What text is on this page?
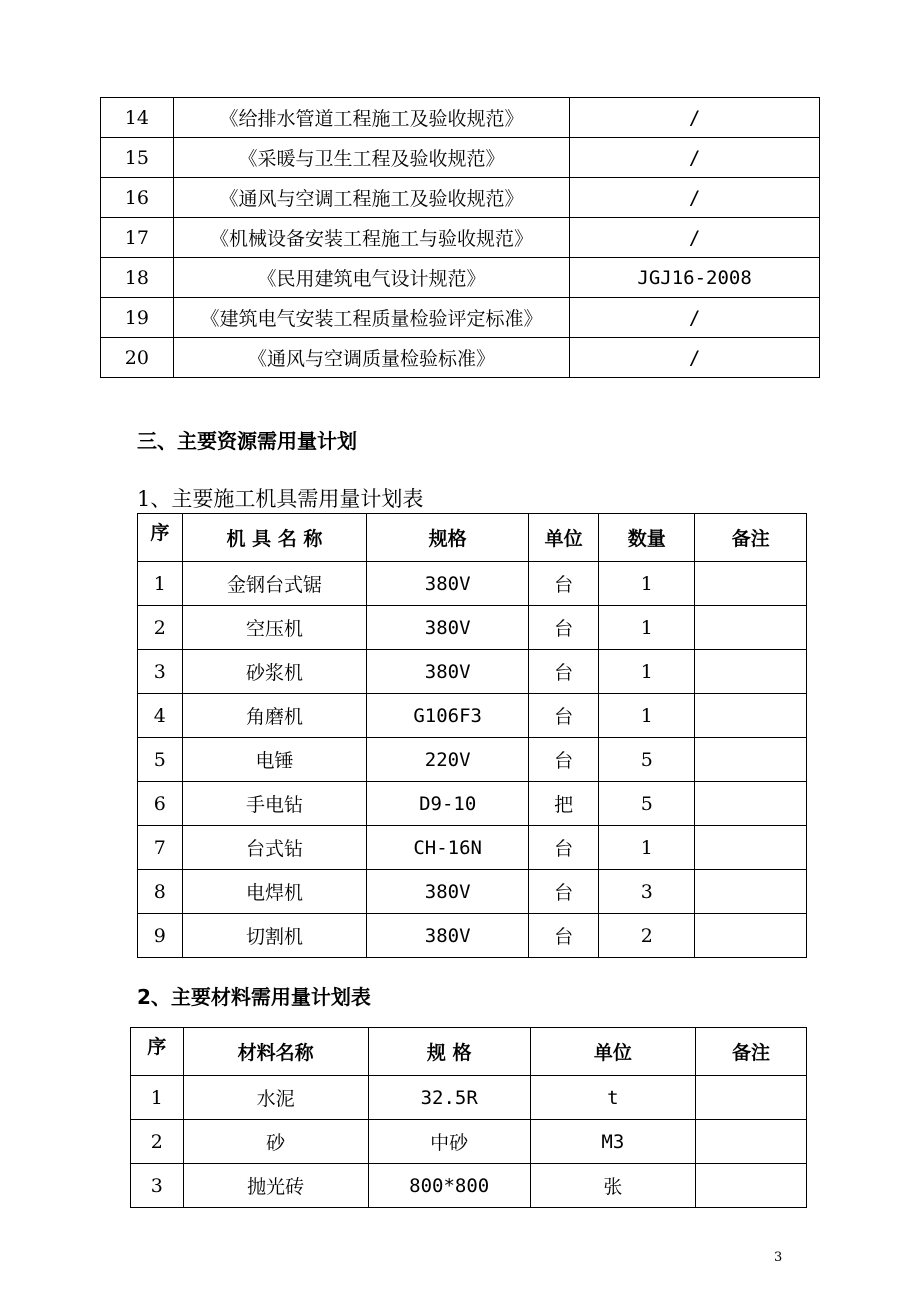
14	《给排水管道工程施工及验收规范》	/
15	《采暖与卫生工程及验收规范》	/
16	《通风与空调工程施工及验收规范》	/
17	《机械设备安装工程施工与验收规范》	/
18	《民用建筑电气设计规范》	JGJ16-2008
19	《建筑电气安装工程质量检验评定标准》	/
20	《通风与空调质量检验标准》	/
三、主要资源需用量计划
1、主要施工机具需用量计划表
序	机 具 名 称	规格	单位	数量	备注
1	金钢台式锯	380V	台	1	
2	空压机	380V	台	1	
3	砂浆机	380V	台	1	
4	角磨机	G106F3	台	1	
5	电锤	220V	台	5	
6	手电钻	D9-10	把	5	
7	台式钻	CH-16N	台	1	
8	电焊机	380V	台	3	
9	切割机	380V	台	2	
2、主要材料需用量计划表
序	材料名称	规 格	单位	备注
1	水泥	32.5R	t	
2	砂	中砂	M3	
3	抛光砖	800*800	张	
3
